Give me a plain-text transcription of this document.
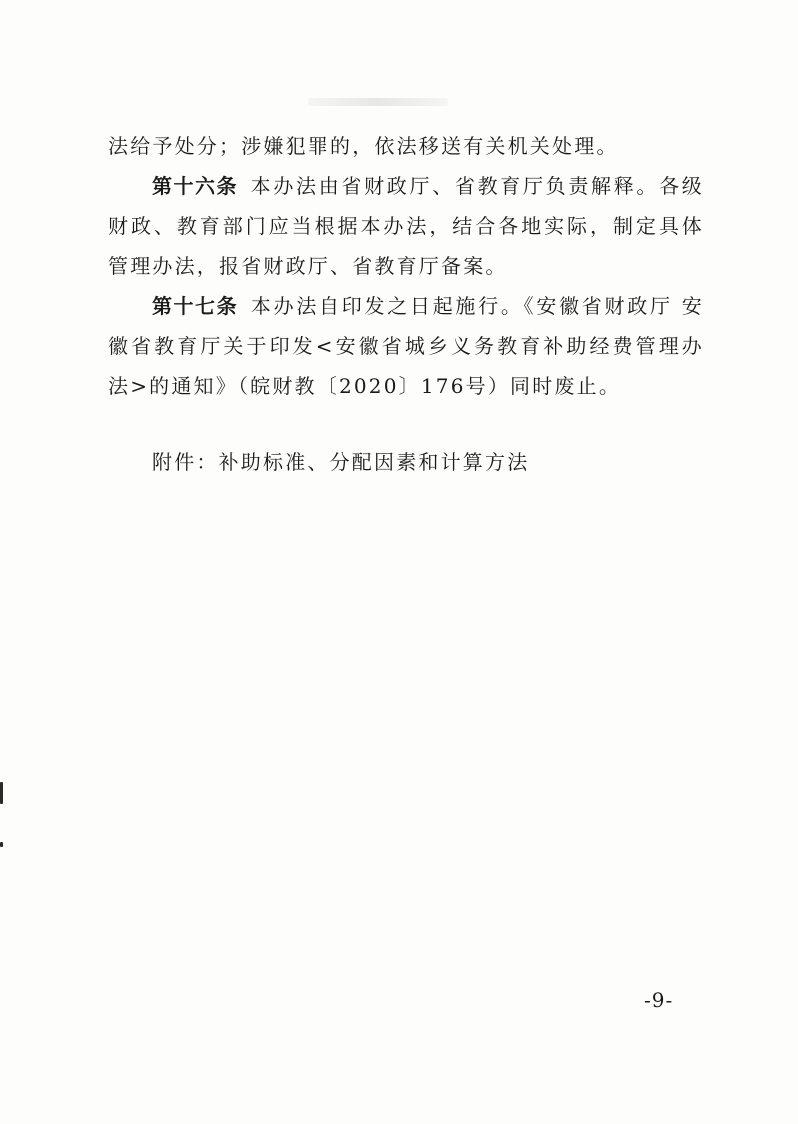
法给予处分；涉嫌犯罪的，依法移送有关机关处理。

第十六条  本办法由省财政厅、省教育厅负责解释。各级财政、教育部门应当根据本办法，结合各地实际，制定具体管理办法，报省财政厅、省教育厅备案。

第十七条  本办法自印发之日起施行。《安徽省财政厅 安徽省教育厅关于印发<安徽省城乡义务教育补助经费管理办法>的通知》（皖财教〔2020〕176号）同时废止。

附件：补助标准、分配因素和计算方法

-9-
